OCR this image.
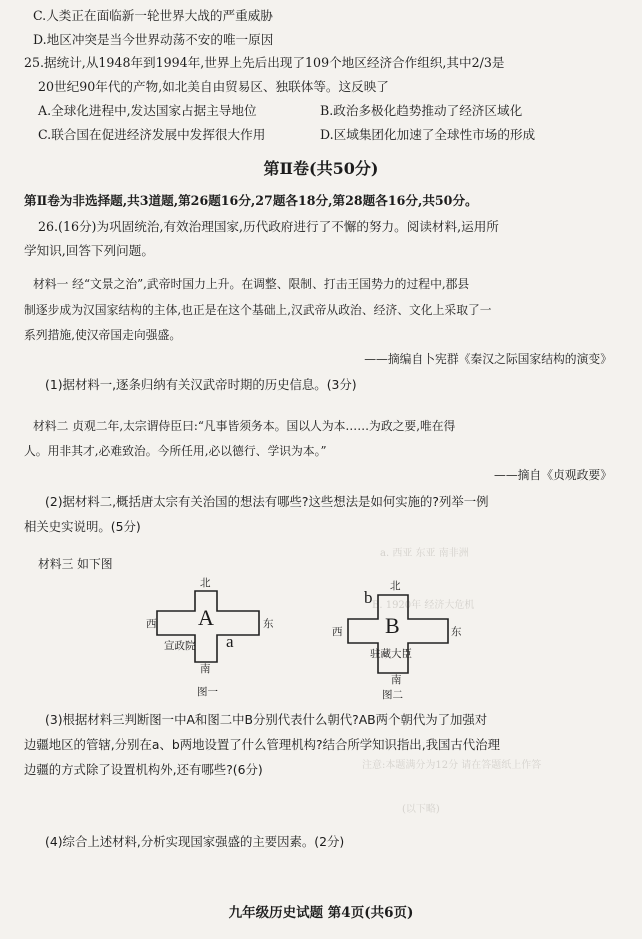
a. 西亚 东亚 南非洲
B. 1920年 经济大危机
注意:本题满分为12分 请在答题纸上作答
(以下略)
C.人类正在面临新一轮世界大战的严重威胁
D.地区冲突是当今世界动荡不安的唯一原因
25.据统计,从1948年到1994年,世界上先后出现了109个地区经济合作组织,其中2/3是
20世纪90年代的产物,如北美自由贸易区、独联体等。这反映了
A.全球化进程中,发达国家占据主导地位	B.政治多极化趋势推动了经济区域化
C.联合国在促进经济发展中发挥很大作用	D.区域集团化加速了全球性市场的形成
第Ⅱ卷(共50分)
第Ⅱ卷为非选择题,共3道题,第26题16分,27题各18分,第28题各16分,共50分。
26.(16分)为巩固统治,有效治理国家,历代政府进行了不懈的努力。阅读材料,运用所
学知识,回答下列问题。
材料一 经“文景之治”,武帝时国力上升。在调整、限制、打击王国势力的过程中,郡县
制逐步成为汉国家结构的主体,也正是在这个基础上,汉武帝从政治、经济、文化上采取了一
系列措施,使汉帝国走向强盛。
——摘编自卜宪群《秦汉之际国家结构的演变》
(1)据材料一,逐条归纳有关汉武帝时期的历史信息。(3分)
材料二 贞观二年,太宗谓侍臣曰:“凡事皆须务本。国以人为本……为政之要,唯在得
人。用非其才,必难致治。今所任用,必以德行、学识为本。”
——摘自《贞观政要》
(2)据材料二,概括唐太宗有关治国的想法有哪些?这些想法是如何实施的?列举一例
相关史实说明。(5分)
材料三 如下图
北
西	东
南
A
a
宣政院
图一
北
西	东
南
B
b
驻藏大臣
图二
(3)根据材料三判断图一中A和图二中B分别代表什么朝代?AB两个朝代为了加强对
边疆地区的管辖,分别在a、b两地设置了什么管理机构?结合所学知识指出,我国古代治理
边疆的方式除了设置机构外,还有哪些?(6分)
(4)综合上述材料,分析实现国家强盛的主要因素。(2分)
九年级历史试题 第4页(共6页)
